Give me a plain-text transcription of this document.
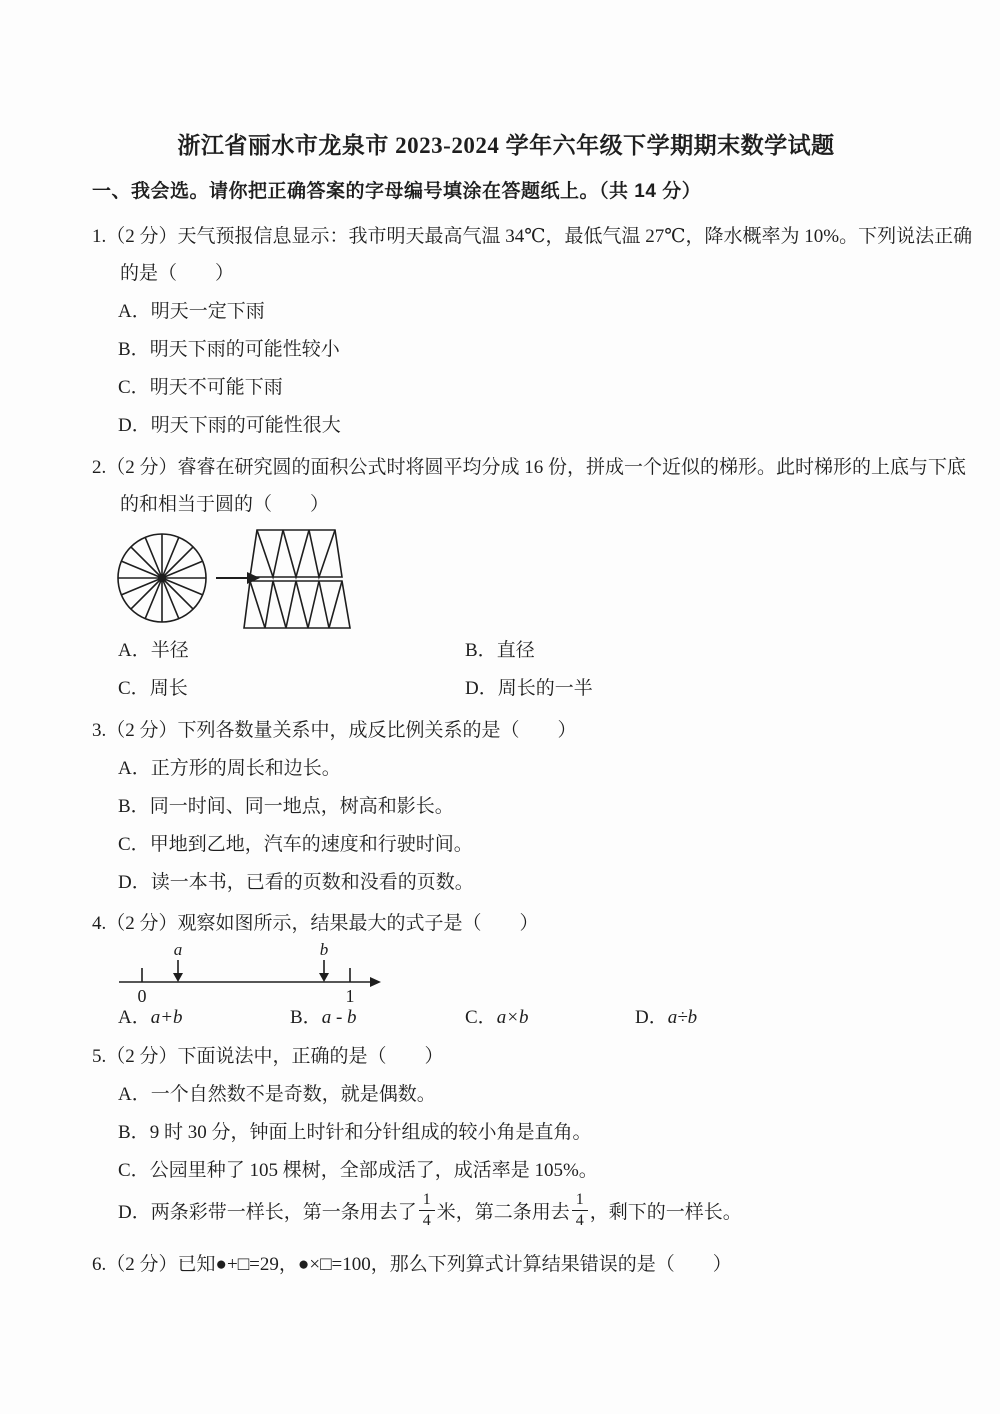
浙江省丽水市龙泉市 2023-2024 学年六年级下学期期末数学试题
一、我会选。请你把正确答案的字母编号填涂在答题纸上。（共 14 分）
1.（2 分）天气预报信息显示：我市明天最高气温 34℃，最低气温 27℃，降水概率为 10%。下列说法正确
的是（　　）
A．明天一定下雨
B．明天下雨的可能性较小
C．明天不可能下雨
D．明天下雨的可能性很大
2.（2 分）睿睿在研究圆的面积公式时将圆平均分成 16 份，拼成一个近似的梯形。此时梯形的上底与下底
的和相当于圆的（　　）
A．半径	B．直径
C．周长	D．周长的一半
3.（2 分）下列各数量关系中，成反比例关系的是（　　）
A．正方形的周长和边长。
B．同一时间、同一地点，树高和影长。
C．甲地到乙地，汽车的速度和行驶时间。
D．读一本书，已看的页数和没看的页数。
4.（2 分）观察如图所示，结果最大的式子是（　　）
0	1
a	b
A．a+b	B．a - b	C．a×b	D．a÷b
5.（2 分）下面说法中，正确的是（　　）
A．一个自然数不是奇数，就是偶数。
B．9 时 30 分，钟面上时针和分针组成的较小角是直角。
C．公园里种了 105 棵树，全部成活了，成活率是 105%。
D． 两条彩带一样长，第一条用去了 $\frac{1}{4}$ 米，第二条用去 $\frac{1}{4}$ ，剩下的一样长。
6.（2 分）已知●+□=29，●×□=100，那么下列算式计算结果错误的是（　　）
